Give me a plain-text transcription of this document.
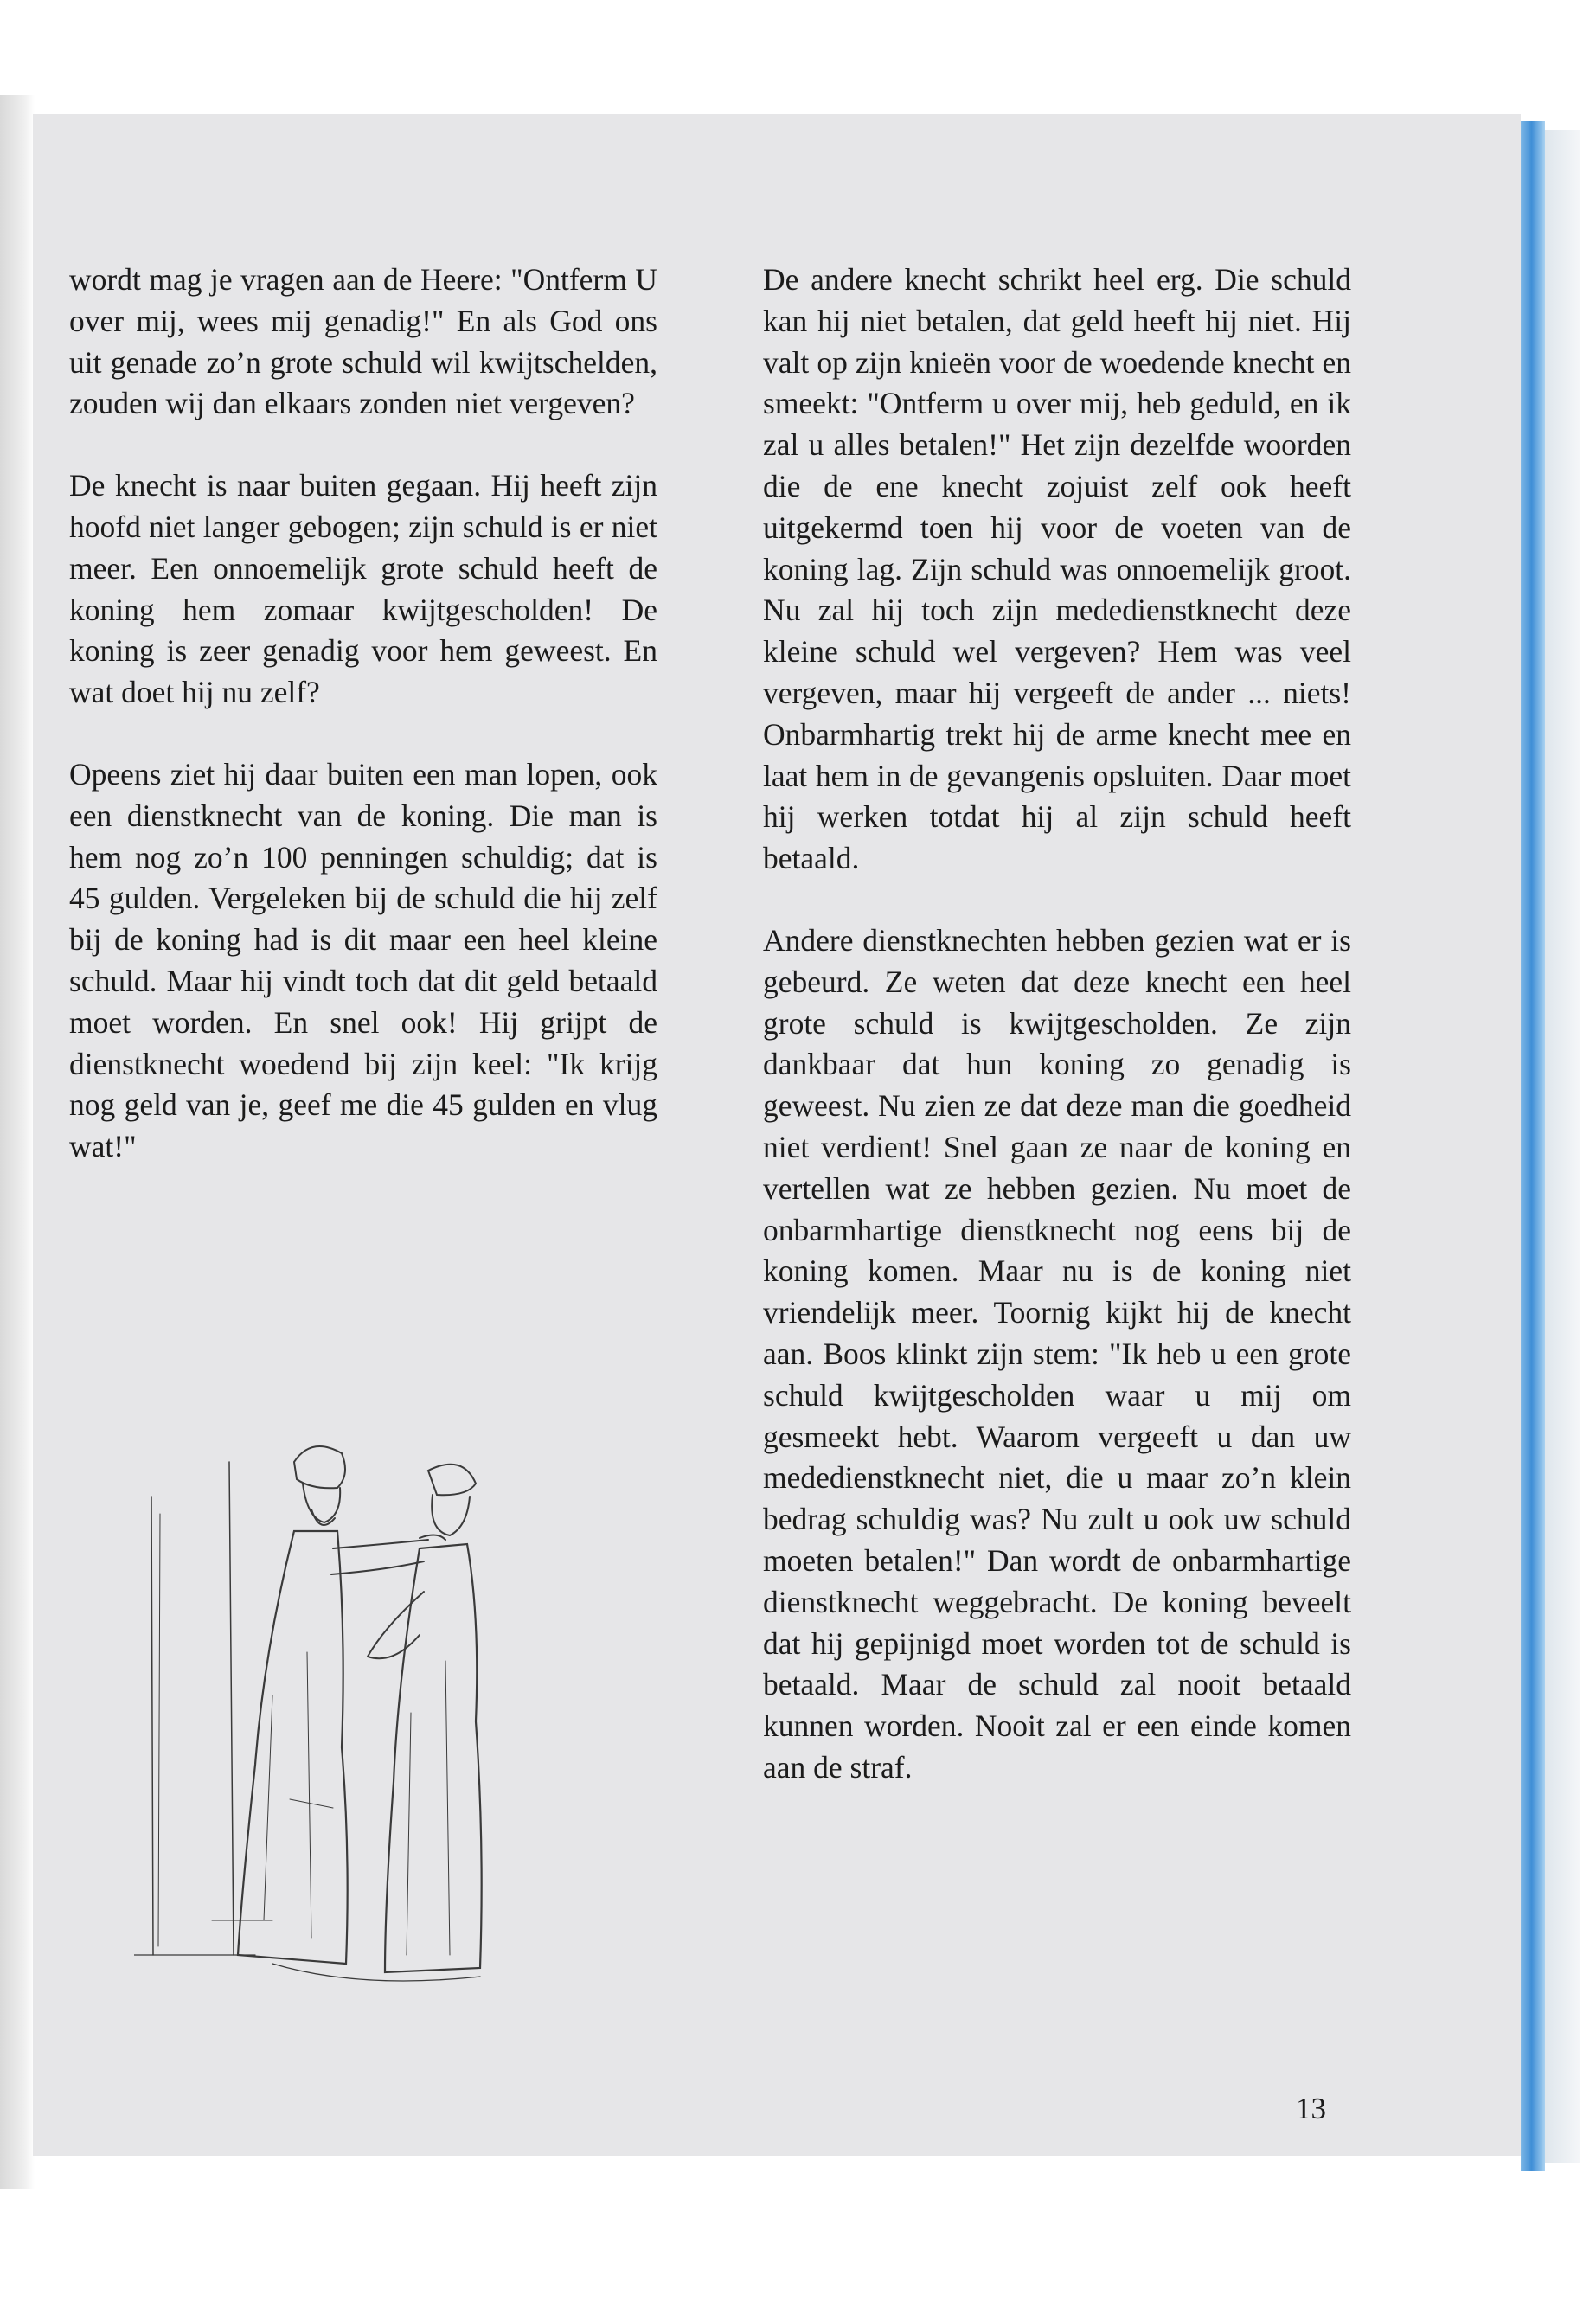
wordt mag je vragen aan de Heere: "Ontferm U over mij, wees mij genadig!" En als God ons uit genade zo’n grote schuld wil kwijtschelden, zouden wij dan elkaars zonden niet vergeven?

De knecht is naar buiten gegaan. Hij heeft zijn hoofd niet langer gebogen; zijn schuld is er niet meer. Een onnoemelijk grote schuld heeft de koning hem zomaar kwijtgescholden! De koning is zeer genadig voor hem geweest. En wat doet hij nu zelf?

Opeens ziet hij daar buiten een man lopen, ook een dienstknecht van de koning. Die man is hem nog zo’n 100 penningen schuldig; dat is 45 gulden. Vergeleken bij de schuld die hij zelf bij de koning had is dit maar een heel kleine schuld. Maar hij vindt toch dat dit geld betaald moet worden. En snel ook! Hij grijpt de dienstknecht woedend bij zijn keel: "Ik krijg nog geld van je, geef me die 45 gulden en vlug wat!"

De andere knecht schrikt heel erg. Die schuld kan hij niet betalen, dat geld heeft hij niet. Hij valt op zijn knieën voor de woedende knecht en smeekt: "Ontferm u over mij, heb geduld, en ik zal u alles betalen!" Het zijn dezelfde woorden die de ene knecht zojuist zelf ook heeft uitgekermd toen hij voor de voeten van de koning lag. Zijn schuld was onnoemelijk groot. Nu zal hij toch zijn mededienstknecht deze kleine schuld wel vergeven? Hem was veel vergeven, maar hij vergeeft de ander ... niets! Onbarmhartig trekt hij de arme knecht mee en laat hem in de gevangenis opsluiten. Daar moet hij werken totdat hij al zijn schuld heeft betaald.

Andere dienstknechten hebben gezien wat er is gebeurd. Ze weten dat deze knecht een heel grote schuld is kwijtgescholden. Ze zijn dankbaar dat hun koning zo genadig is geweest. Nu zien ze dat deze man die goedheid niet verdient! Snel gaan ze naar de koning en vertellen wat ze hebben gezien. Nu moet de onbarmhartige dienstknecht nog eens bij de koning komen. Maar nu is de koning niet vriendelijk meer. Toornig kijkt hij de knecht aan. Boos klinkt zijn stem: "Ik heb u een grote schuld kwijtgescholden waar u mij om gesmeekt hebt. Waarom vergeeft u dan uw mededienstknecht niet, die u maar zo’n klein bedrag schuldig was? Nu zult u ook uw schuld moeten betalen!" Dan wordt de onbarmhartige dienstknecht weggebracht. De koning beveelt dat hij gepijnigd moet worden tot de schuld is betaald. Maar de schuld zal nooit betaald kunnen worden. Nooit zal er een einde komen aan de straf.

13
